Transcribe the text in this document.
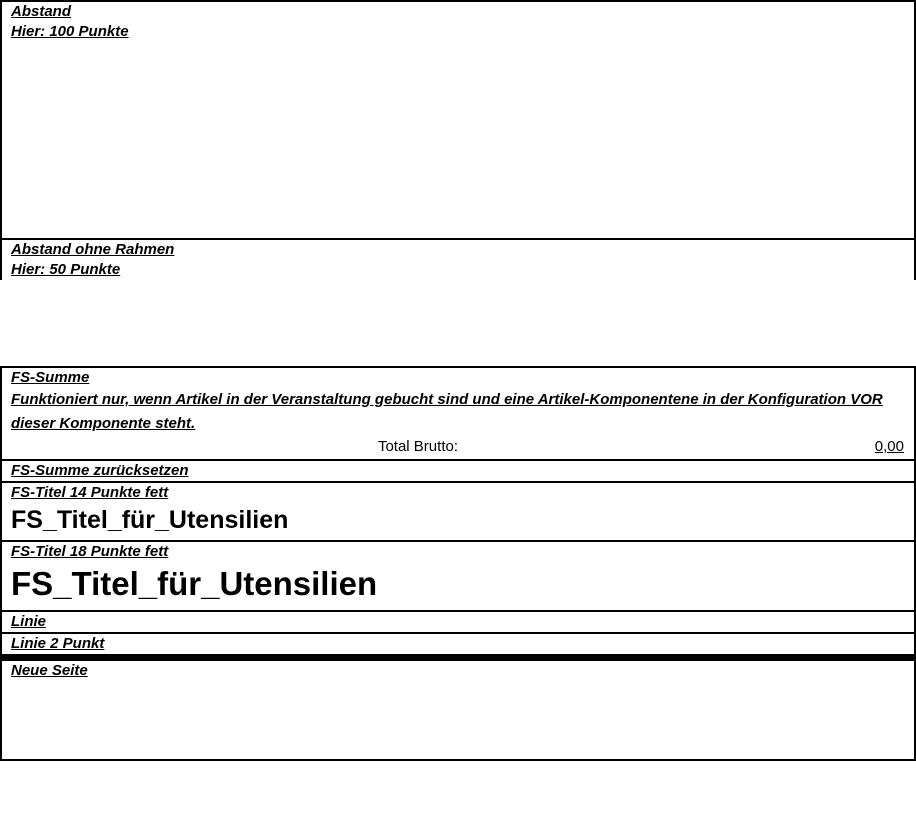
Abstand
Hier: 100 Punkte
Abstand ohne Rahmen
Hier: 50 Punkte
FS-Summe
Funktioniert nur, wenn Artikel in der Veranstaltung gebucht sind und eine Artikel-Komponentene in der Konfiguration VOR dieser Komponente steht.
Total Brutto:	0,00
FS-Summe zurücksetzen
FS-Titel 14 Punkte fett
FS_Titel_für_Utensilien
FS-Titel 18 Punkte fett
FS_Titel_für_Utensilien
Linie
Linie 2 Punkt
Neue Seite
